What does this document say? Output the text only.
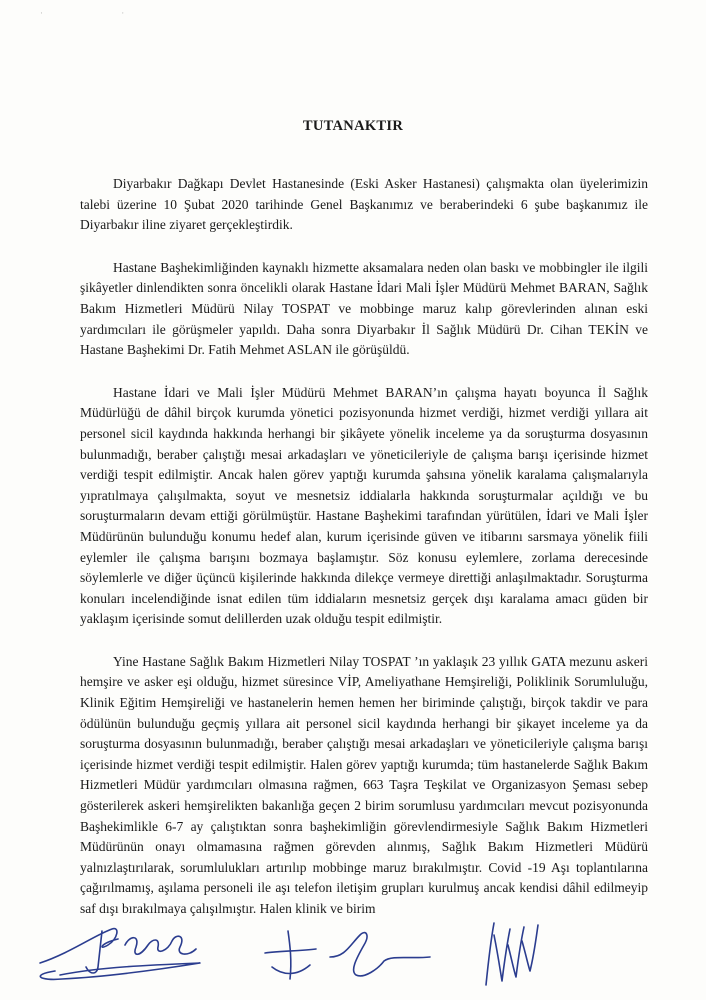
· ·
TUTANAKTIR

Diyarbakır Dağkapı Devlet Hastanesinde (Eski Asker Hastanesi) çalışmakta olan üyelerimizin talebi üzerine 10 Şubat 2020 tarihinde Genel Başkanımız ve beraberindeki 6 şube başkanımız ile Diyarbakır iline ziyaret gerçekleştirdik.

Hastane Başhekimliğinden kaynaklı hizmette aksamalara neden olan baskı ve mobbingler ile ilgili şikâyetler dinlendikten sonra öncelikli olarak Hastane İdari Mali İşler Müdürü Mehmet BARAN, Sağlık Bakım Hizmetleri Müdürü Nilay TOSPAT ve mobbinge maruz kalıp görevlerinden alınan eski yardımcıları ile görüşmeler yapıldı. Daha sonra Diyarbakır İl Sağlık Müdürü Dr. Cihan TEKİN ve Hastane Başhekimi Dr. Fatih Mehmet ASLAN ile görüşüldü.

Hastane İdari ve Mali İşler Müdürü Mehmet BARAN’ın çalışma hayatı boyunca İl Sağlık Müdürlüğü de dâhil birçok kurumda yönetici pozisyonunda hizmet verdiği, hizmet verdiği yıllara ait personel sicil kaydında hakkında herhangi bir şikâyete yönelik inceleme ya da soruşturma dosyasının bulunmadığı, beraber çalıştığı mesai arkadaşları ve yöneticileriyle de çalışma barışı içerisinde hizmet verdiği tespit edilmiştir. Ancak halen görev yaptığı kurumda şahsına yönelik karalama çalışmalarıyla yıpratılmaya çalışılmakta, soyut ve mesnetsiz iddialarla hakkında soruşturmalar açıldığı ve bu soruşturmaların devam ettiği görülmüştür. Hastane Başhekimi tarafından yürütülen, İdari ve Mali İşler Müdürünün bulunduğu konumu hedef alan, kurum içerisinde güven ve itibarını sarsmaya yönelik fiili eylemler ile çalışma barışını bozmaya başlamıştır. Söz konusu eylemlere, zorlama derecesinde söylemlerle ve diğer üçüncü kişilerinde hakkında dilekçe vermeye direttiği anlaşılmaktadır. Soruşturma konuları incelendiğinde isnat edilen tüm iddiaların mesnetsiz gerçek dışı karalama amacı güden bir yaklaşım içerisinde somut delillerden uzak olduğu tespit edilmiştir.

Yine Hastane Sağlık Bakım Hizmetleri Nilay TOSPAT ’ın yaklaşık 23 yıllık GATA mezunu askeri hemşire ve asker eşi olduğu, hizmet süresince VİP, Ameliyathane Hemşireliği, Poliklinik Sorumluluğu, Klinik Eğitim Hemşireliği ve hastanelerin hemen hemen her biriminde çalıştığı, birçok takdir ve para ödülünün bulunduğu geçmiş yıllara ait personel sicil kaydında herhangi bir şikayet inceleme ya da soruşturma dosyasının bulunmadığı, beraber çalıştığı mesai arkadaşları ve yöneticileriyle çalışma barışı içerisinde hizmet verdiği tespit edilmiştir. Halen görev yaptığı kurumda; tüm hastanelerde Sağlık Bakım Hizmetleri Müdür yardımcıları olmasına rağmen, 663 Taşra Teşkilat ve Organizasyon Şeması sebep gösterilerek askeri hemşirelikten bakanlığa geçen 2 birim sorumlusu yardımcıları mevcut pozisyonunda Başhekimlikle 6-7 ay çalıştıktan sonra başhekimliğin görevlendirmesiyle Sağlık Bakım Hizmetleri Müdürünün onayı olmamasına rağmen görevden alınmış, Sağlık Bakım Hizmetleri Müdürü yalnızlaştırılarak, sorumlulukları artırılıp mobbinge maruz bırakılmıştır. Covid -19 Aşı toplantılarına çağırılmamış, aşılama personeli ile aşı telefon iletişim grupları kurulmuş ancak kendisi dâhil edilmeyip saf dışı bırakılmaya çalışılmıştır. Halen klinik ve birim
